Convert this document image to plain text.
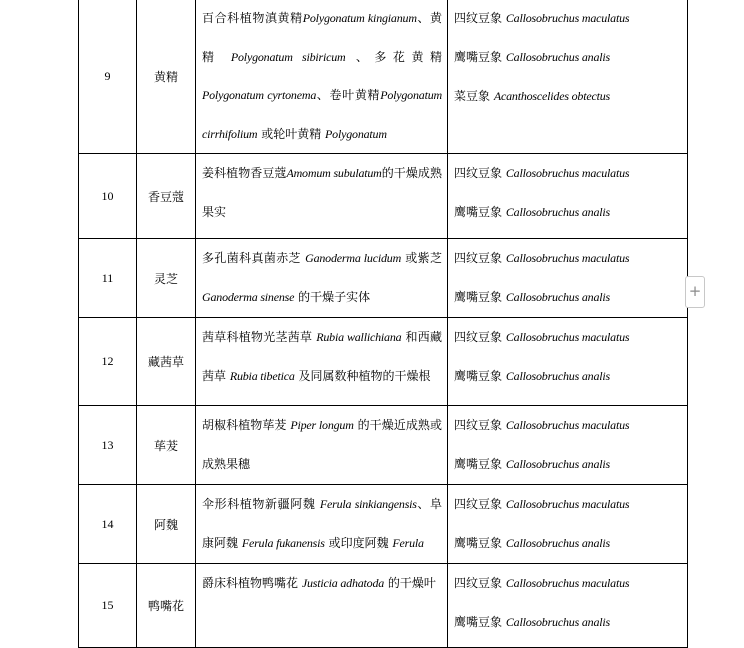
9	黄精	百合科植物滇黄精Polygonatum kingianum、黄精 Polygonatum sibiricum 、多花黄精 Polygonatum cyrtonema、卷叶黄精Polygonatum cirrhifolium 或轮叶黄精 Polygonatum	四纹豆象 Callosobruchus maculatus
鹰嘴豆象 Callosobruchus analis
菜豆象 Acanthoscelides obtectus

10	香豆蔻	姜科植物香豆蔻Amomum subulatum的干燥成熟果实	四纹豆象 Callosobruchus maculatus
鹰嘴豆象 Callosobruchus analis

11	灵芝	多孔菌科真菌赤芝 Ganoderma lucidum 或紫芝 Ganoderma sinense 的干燥子实体	四纹豆象 Callosobruchus maculatus
鹰嘴豆象 Callosobruchus analis

12	藏茜草	茜草科植物光茎茜草 Rubia wallichiana 和西藏茜草 Rubia tibetica 及同属数种植物的干燥根	四纹豆象 Callosobruchus maculatus
鹰嘴豆象 Callosobruchus analis

13	荜茇	胡椒科植物荜茇 Piper longum 的干燥近成熟或成熟果穗	四纹豆象 Callosobruchus maculatus
鹰嘴豆象 Callosobruchus analis

14	阿魏	伞形科植物新疆阿魏 Ferula sinkiangensis、阜康阿魏 Ferula fukanensis 或印度阿魏 Ferula	四纹豆象 Callosobruchus maculatus
鹰嘴豆象 Callosobruchus analis

15	鸭嘴花	爵床科植物鸭嘴花 Justicia adhatoda 的干燥叶	四纹豆象 Callosobruchus maculatus
鹰嘴豆象 Callosobruchus analis
+
